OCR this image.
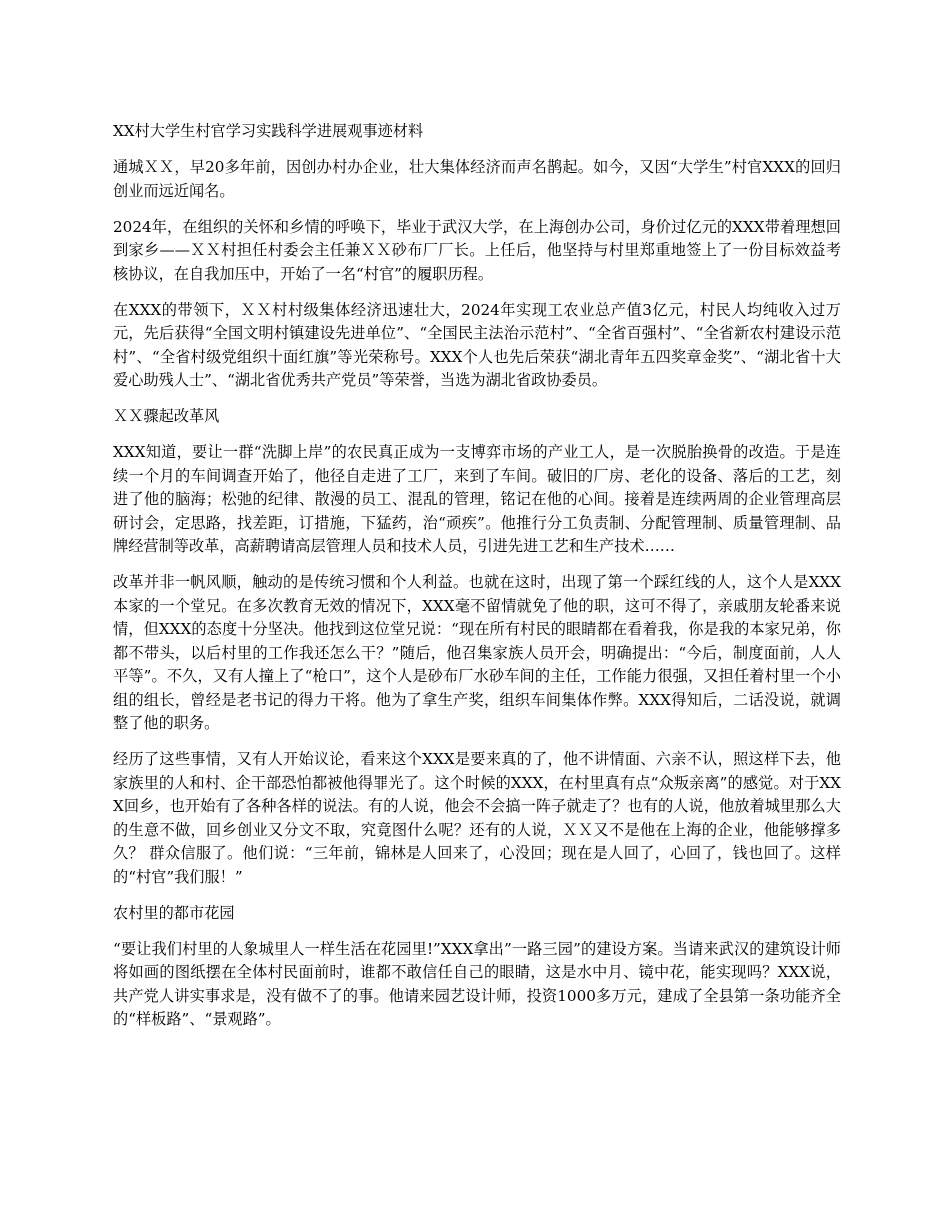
XX村大学生村官学习实践科学进展观事迹材料

通城ＸＸ，早20多年前，因创办村办企业，壮大集体经济而声名鹊起。如今，又因“大学生”村官XXX的回归创业而远近闻名。

2024年，在组织的关怀和乡情的呼唤下，毕业于武汉大学，在上海创办公司，身价过亿元的XXX带着理想回到家乡——ＸＸ村担任村委会主任兼ＸＸ砂布厂厂长。上任后，他坚持与村里郑重地签上了一份目标效益考核协议，在自我加压中，开始了一名“村官”的履职历程。

在XXX的带领下，ＸＸ村村级集体经济迅速壮大，2024年实现工农业总产值3亿元，村民人均纯收入过万元，先后获得“全国文明村镇建设先进单位”、“全国民主法治示范村”、“全省百强村”、“全省新农村建设示范村”、“全省村级党组织十面红旗”等光荣称号。XXX个人也先后荣获“湖北青年五四奖章金奖”、“湖北省十大爱心助残人士”、“湖北省优秀共产党员”等荣誉，当选为湖北省政协委员。

ＸＸ骤起改革风

XXX知道，要让一群“洗脚上岸”的农民真正成为一支博弈市场的产业工人，是一次脱胎换骨的改造。于是连续一个月的车间调查开始了，他径自走进了工厂，来到了车间。破旧的厂房、老化的设备、落后的工艺，刻进了他的脑海；松弛的纪律、散漫的员工、混乱的管理，铭记在他的心间。接着是连续两周的企业管理高层研讨会，定思路，找差距，订措施，下猛药，治“顽疾”。他推行分工负责制、分配管理制、质量管理制、品牌经营制等改革，高薪聘请高层管理人员和技术人员，引进先进工艺和生产技术……

改革并非一帆风顺，触动的是传统习惯和个人利益。也就在这时，出现了第一个踩红线的人，这个人是XXX本家的一个堂兄。在多次教育无效的情况下，XXX毫不留情就免了他的职，这可不得了，亲戚朋友轮番来说情，但XXX的态度十分坚决。他找到这位堂兄说：“现在所有村民的眼睛都在看着我，你是我的本家兄弟，你都不带头，以后村里的工作我还怎么干？”随后，他召集家族人员开会，明确提出：“今后，制度面前，人人平等”。不久，又有人撞上了“枪口”，这个人是砂布厂水砂车间的主任，工作能力很强，又担任着村里一个小组的组长，曾经是老书记的得力干将。他为了拿生产奖，组织车间集体作弊。XXX得知后，二话没说，就调整了他的职务。

经历了这些事情，又有人开始议论，看来这个XXX是要来真的了，他不讲情面、六亲不认，照这样下去，他家族里的人和村、企干部恐怕都被他得罪光了。这个时候的XXX，在村里真有点“众叛亲离”的感觉。对于XXX回乡，也开始有了各种各样的说法。有的人说，他会不会搞一阵子就走了？也有的人说，他放着城里那么大的生意不做，回乡创业又分文不取，究竟图什么呢？还有的人说，ＸＸ又不是他在上海的企业，他能够撑多久？ 群众信服了。他们说：“三年前，锦林是人回来了，心没回；现在是人回了，心回了，钱也回了。这样的“村官”我们服！”

农村里的都市花园

“要让我们村里的人象城里人一样生活在花园里!”XXX拿出”一路三园”的建设方案。当请来武汉的建筑设计师将如画的图纸摆在全体村民面前时，谁都不敢信任自己的眼睛，这是水中月、镜中花，能实现吗？XXX说，共产党人讲实事求是，没有做不了的事。他请来园艺设计师，投资1000多万元，建成了全县第一条功能齐全的“样板路”、“景观路”。
